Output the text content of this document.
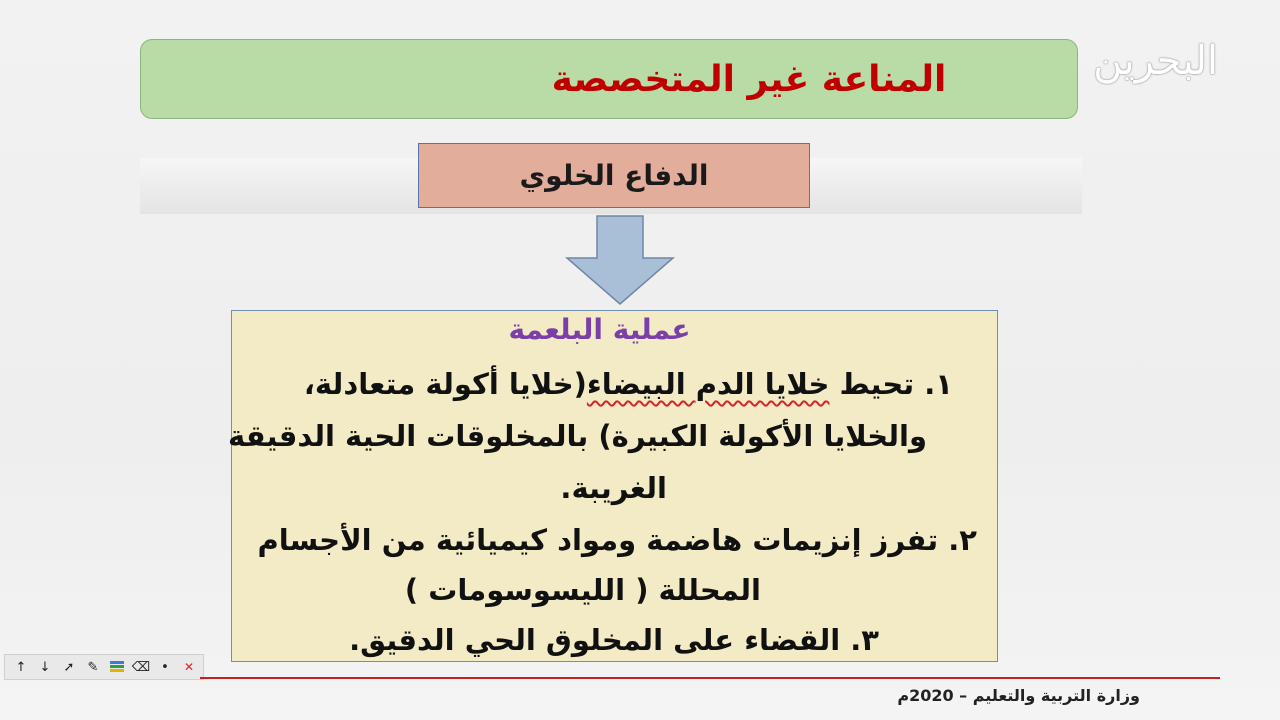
المناعة غير المتخصصة	البحرين
الدفاع الخلوي
عملية البلعمة
١. تحيط خلايا الدم البيضاء(خلايا أكولة متعادلة،
والخلايا الأكولة الكبيرة) بالمخلوقات الحية الدقيقة
الغريبة.
٢. تفرز إنزيمات هاضمة ومواد كيميائية من الأجسام
المحللة ( الليسوسومات )
٣. القضاء على المخلوق الحي الدقيق.
↑	↓	➚	✎	⌫ •	✕
وزارة التربية والتعليم – 2020م
